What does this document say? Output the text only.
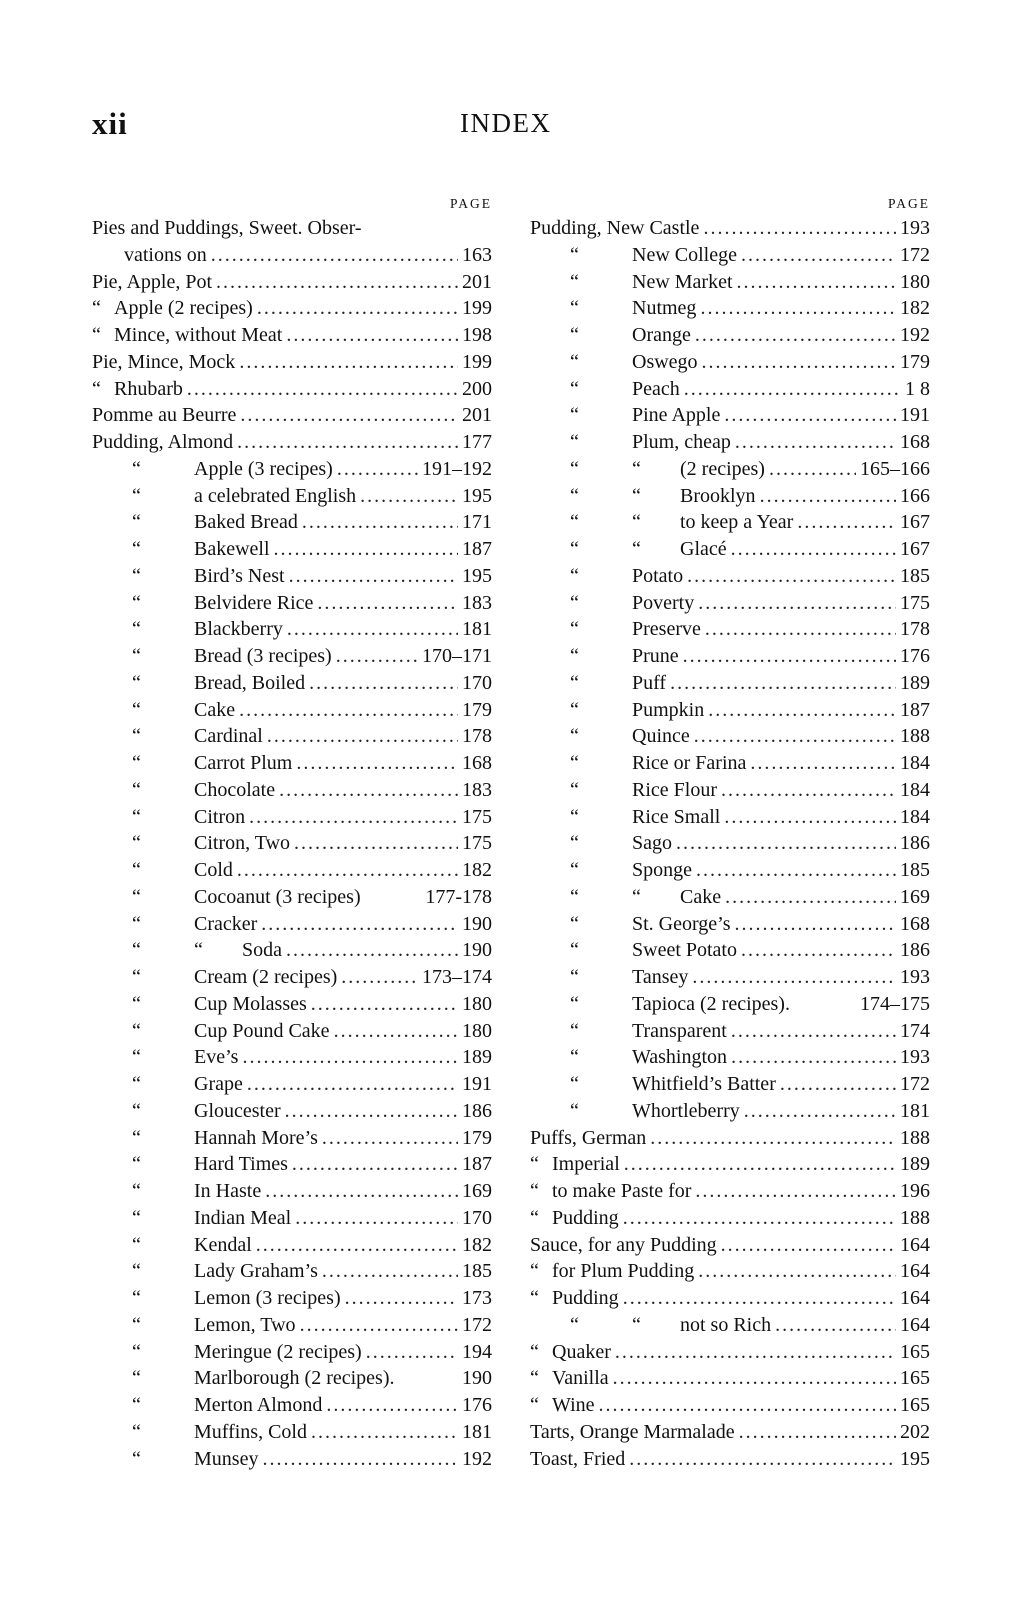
xii	INDEX
PAGE
Pies and Puddings, Sweet. Obser-
vations on .....	163
Pie, Apple, Pot .....	201
“ Apple (2 recipes) .....	199
“ Mince, without Meat .....	198
Pie, Mince, Mock .....	199
“ Rhubarb .....	200
Pomme au Beurre .....	201
Pudding, Almond .....	177
“	Apple (3 recipes) .....	191–192
“	a celebrated English .....	195
“	Baked Bread .....	171
“	Bakewell .....	187
“	Bird’s Nest .....	195
“	Belvidere Rice .....	183
“	Blackberry .....	181
“	Bread (3 recipes) .....	170–171
“	Bread, Boiled .....	170
“	Cake .....	179
“	Cardinal .....	178
“	Carrot Plum .....	168
“	Chocolate .....	183
“	Citron .....	175
“	Citron, Two .....	175
“	Cold .....	182
“	Cocoanut (3 recipes)	177-178
“	Cracker .....	190
“	“ Soda .....	190
“	Cream (2 recipes) .....	173–174
“	Cup Molasses .....	180
“	Cup Pound Cake .....	180
“	Eve’s .....	189
“	Grape .....	191
“	Gloucester .....	186
“	Hannah More’s .....	179
“	Hard Times .....	187
“	In Haste .....	169
“	Indian Meal .....	170
“	Kendal .....	182
“	Lady Graham’s .....	185
“	Lemon (3 recipes) .....	173
“	Lemon, Two .....	172
“	Meringue (2 recipes) .....	194
“	Marlborough (2 recipes).	190
“	Merton Almond .....	176
“	Muffins, Cold .....	181
“	Munsey .....	192
PAGE
Pudding, New Castle .....	193
“	New College .....	172
“	New Market .....	180
“	Nutmeg .....	182
“	Orange .....	192
“	Oswego .....	179
“	Peach .....	1 8
“	Pine Apple .....	191
“	Plum, cheap .....	168
“	“ (2 recipes) .....	165–166
“	“ Brooklyn .....	166
“	“ to keep a Year .....	167
“	“ Glacé .....	167
“	Potato .....	185
“	Poverty .....	175
“	Preserve .....	178
“	Prune .....	176
“	Puff .....	189
“	Pumpkin .....	187
“	Quince .....	188
“	Rice or Farina .....	184
“	Rice Flour .....	184
“	Rice Small .....	184
“	Sago .....	186
“	Sponge .....	185
“	“ Cake .....	169
“	St. George’s .....	168
“	Sweet Potato .....	186
“	Tansey .....	193
“	Tapioca (2 recipes).	174–175
“	Transparent .....	174
“	Washington .....	193
“	Whitfield’s Batter .....	172
“	Whortleberry .....	181
Puffs, German .....	188
“ Imperial .....	189
“ to make Paste for .....	196
“ Pudding .....	188
Sauce, for any Pudding .....	164
“ for Plum Pudding .....	164
“ Pudding .....	164
“	“ not so Rich .....	164
“ Quaker .....	165
“ Vanilla .....	165
“ Wine .....	165
Tarts, Orange Marmalade .....	202
Toast, Fried .....	195
